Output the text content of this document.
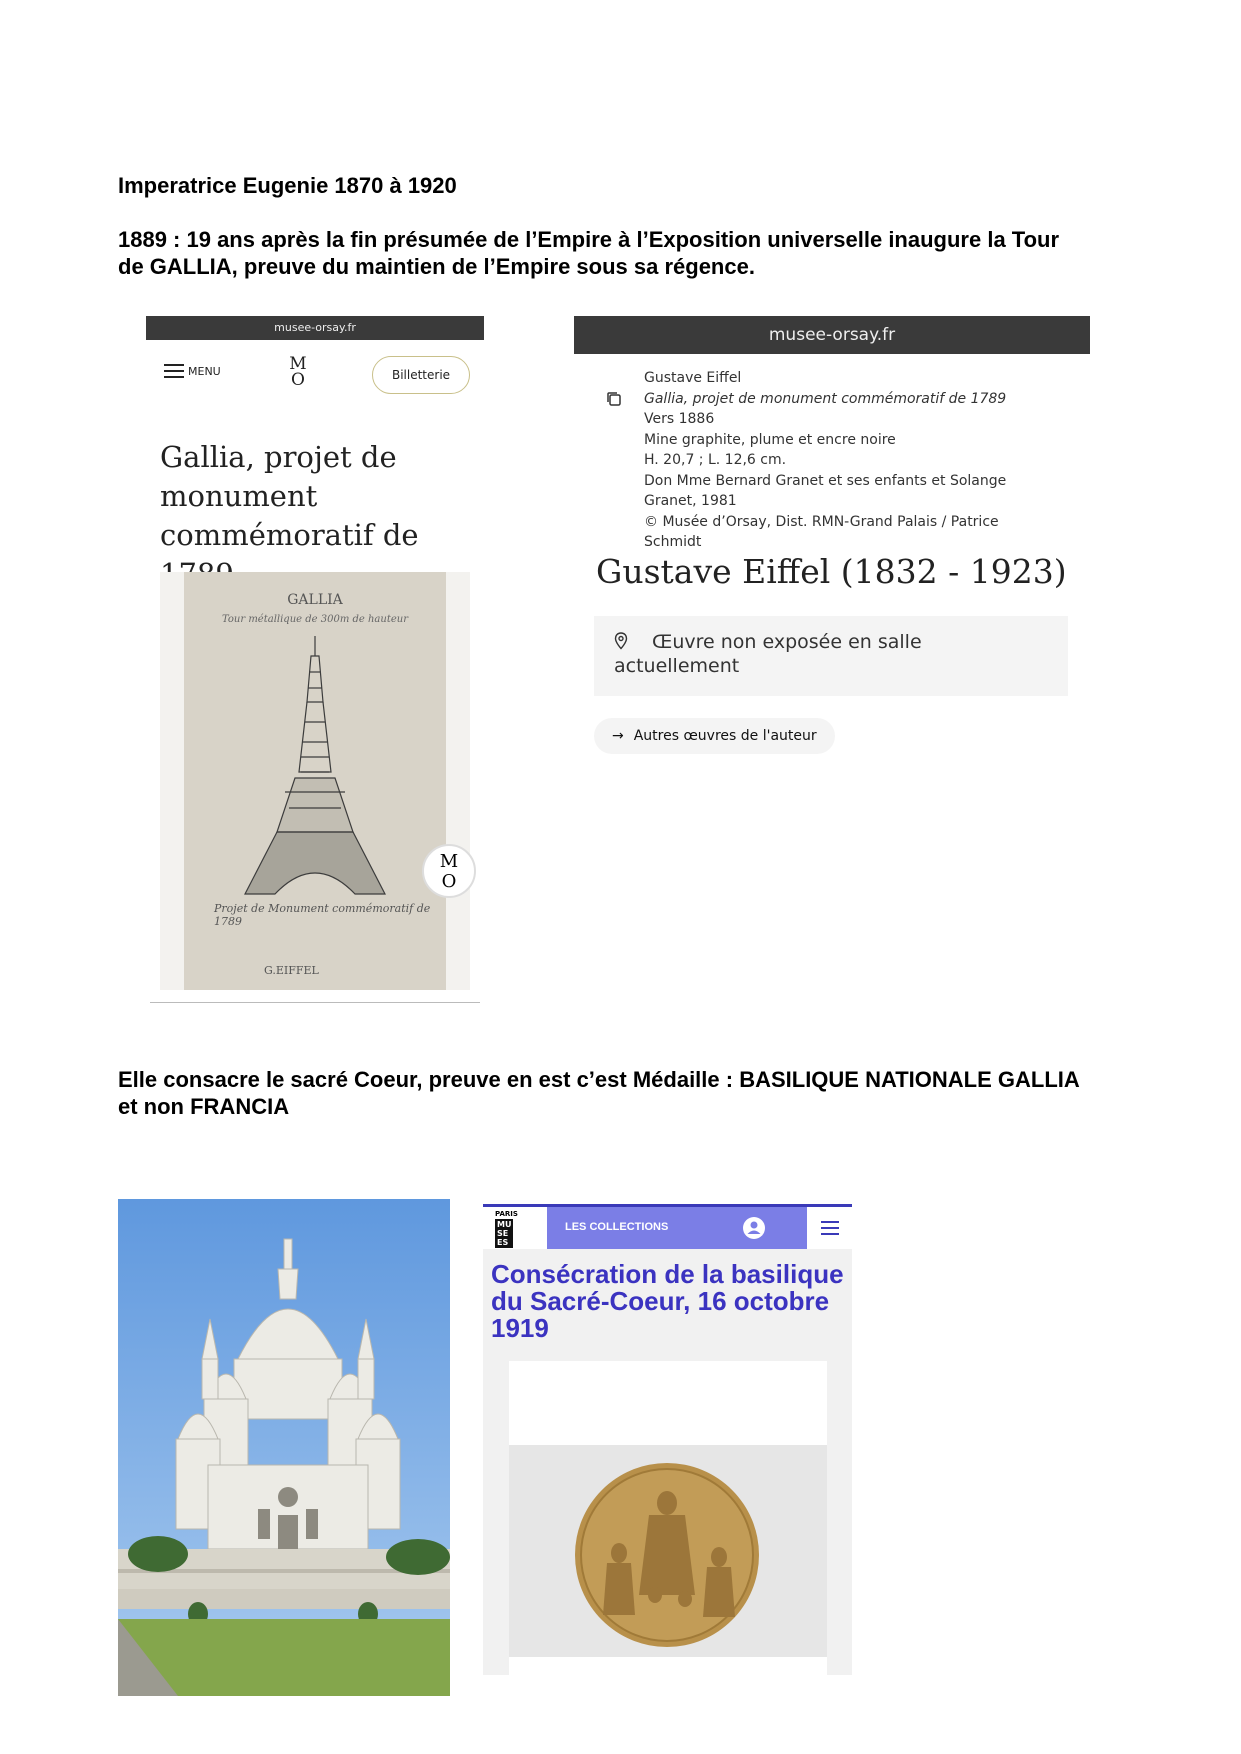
Imperatrice Eugenie 1870 à 1920
1889 : 19 ans après la fin présumée de l’Empire à l’Exposition universelle inaugure la Tour
de GALLIA, preuve du maintien de l’Empire sous sa régence.
musee-orsay.fr
MENU	M
O	Billetterie
Gallia, projet de
monument
commémoratif de
GALLIA
Tour métallique de 300m de hauteur
Projet de Monument commémoratif de 1789
G.EIFFEL
M
O
musee-orsay.fr
Gustave Eiffel
Gallia, projet de monument commémoratif de 1789
Vers 1886
Mine graphite, plume et encre noire
H. 20,7 ; L. 12,6 cm.
Don Mme Bernard Granet et ses enfants et Solange
Granet, 1981
© Musée d’Orsay, Dist. RMN-Grand Palais / Patrice
Schmidt
Gustave Eiffel (1832 - 1923)
Œuvre non exposée en salle
actuellement
→ Autres œuvres de l'auteur
Elle consacre le sacré Coeur, preuve en est c’est Médaille : BASILIQUE NATIONALE GALLIA
et non FRANCIA
PARIS
MU
SE
ES
LES COLLECTIONS
Consécration de la basilique
du Sacré-Coeur, 16 octobre
1919
